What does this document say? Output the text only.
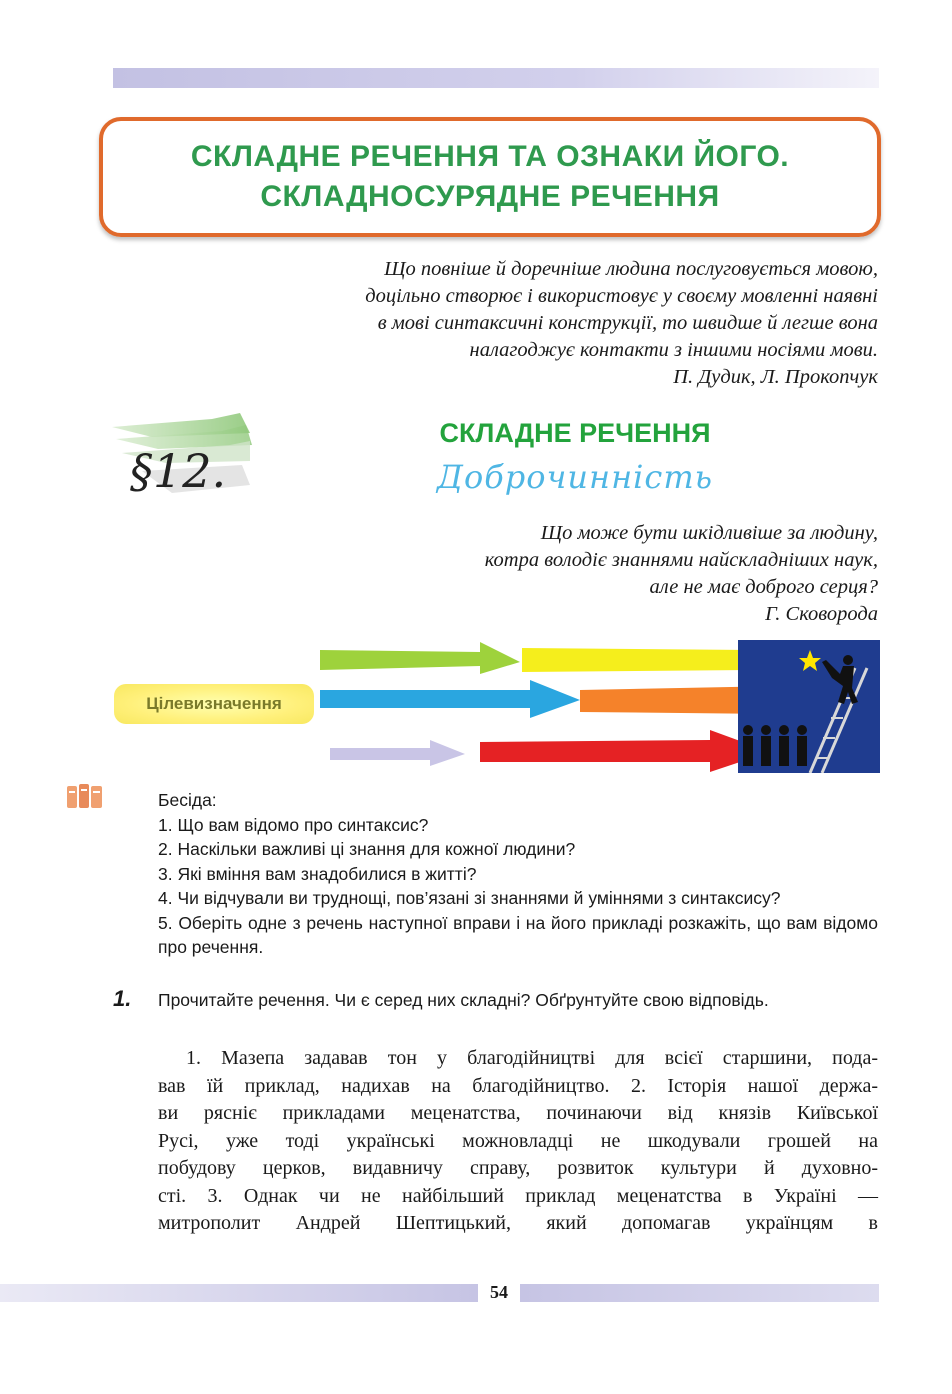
СКЛАДНЕ РЕЧЕННЯ ТА ОЗНАКИ ЙОГО.
СКЛАДНОСУРЯДНЕ РЕЧЕННЯ
Що повніше й доречніше людина послуговується мовою,
доцільно створює і використовує у своєму мовленні наявні
в мові синтаксичні конструкції, то швидше й легше вона
налагоджує контакти з іншими носіями мови.
П. Дудик, Л. Прокопчук
§12.
СКЛАДНЕ РЕЧЕННЯ
Доброчинність
Що може бути шкідливіше за людину,
котра володіє знаннями найскладніших наук,
але не має доброго серця?
Г. Сковорода
Цілевизначення
Бесіда:
1. Що вам відомо про синтаксис?
2. Наскільки важливі ці знання для кожної людини?
3. Які вміння вам знадобилися в житті?
4. Чи відчували ви труднощі, пов’язані зі знаннями й уміннями з синтаксису?
5. Оберіть одне з речень наступної вправи і на його прикладі розкажіть, що вам відомо про речення.
1. Прочитайте речення. Чи є серед них складні? Обґрунтуйте свою відповідь.
1. Мазепа задавав тон у благодійництві для всієї старшини, пода-
вав їй приклад, надихав на благодійництво. 2. Історія нашої держа-
ви рясніє прикладами меценатства, починаючи від князів Київської
Русі, уже тоді українські можновладці не шкодували грошей на
побудову церков, видавничу справу, розвиток культури й духовно-
сті. 3. Однак чи не найбільший приклад меценатства в Україні —
митрополит Андрей Шептицький, який допомагав українцям в
54
